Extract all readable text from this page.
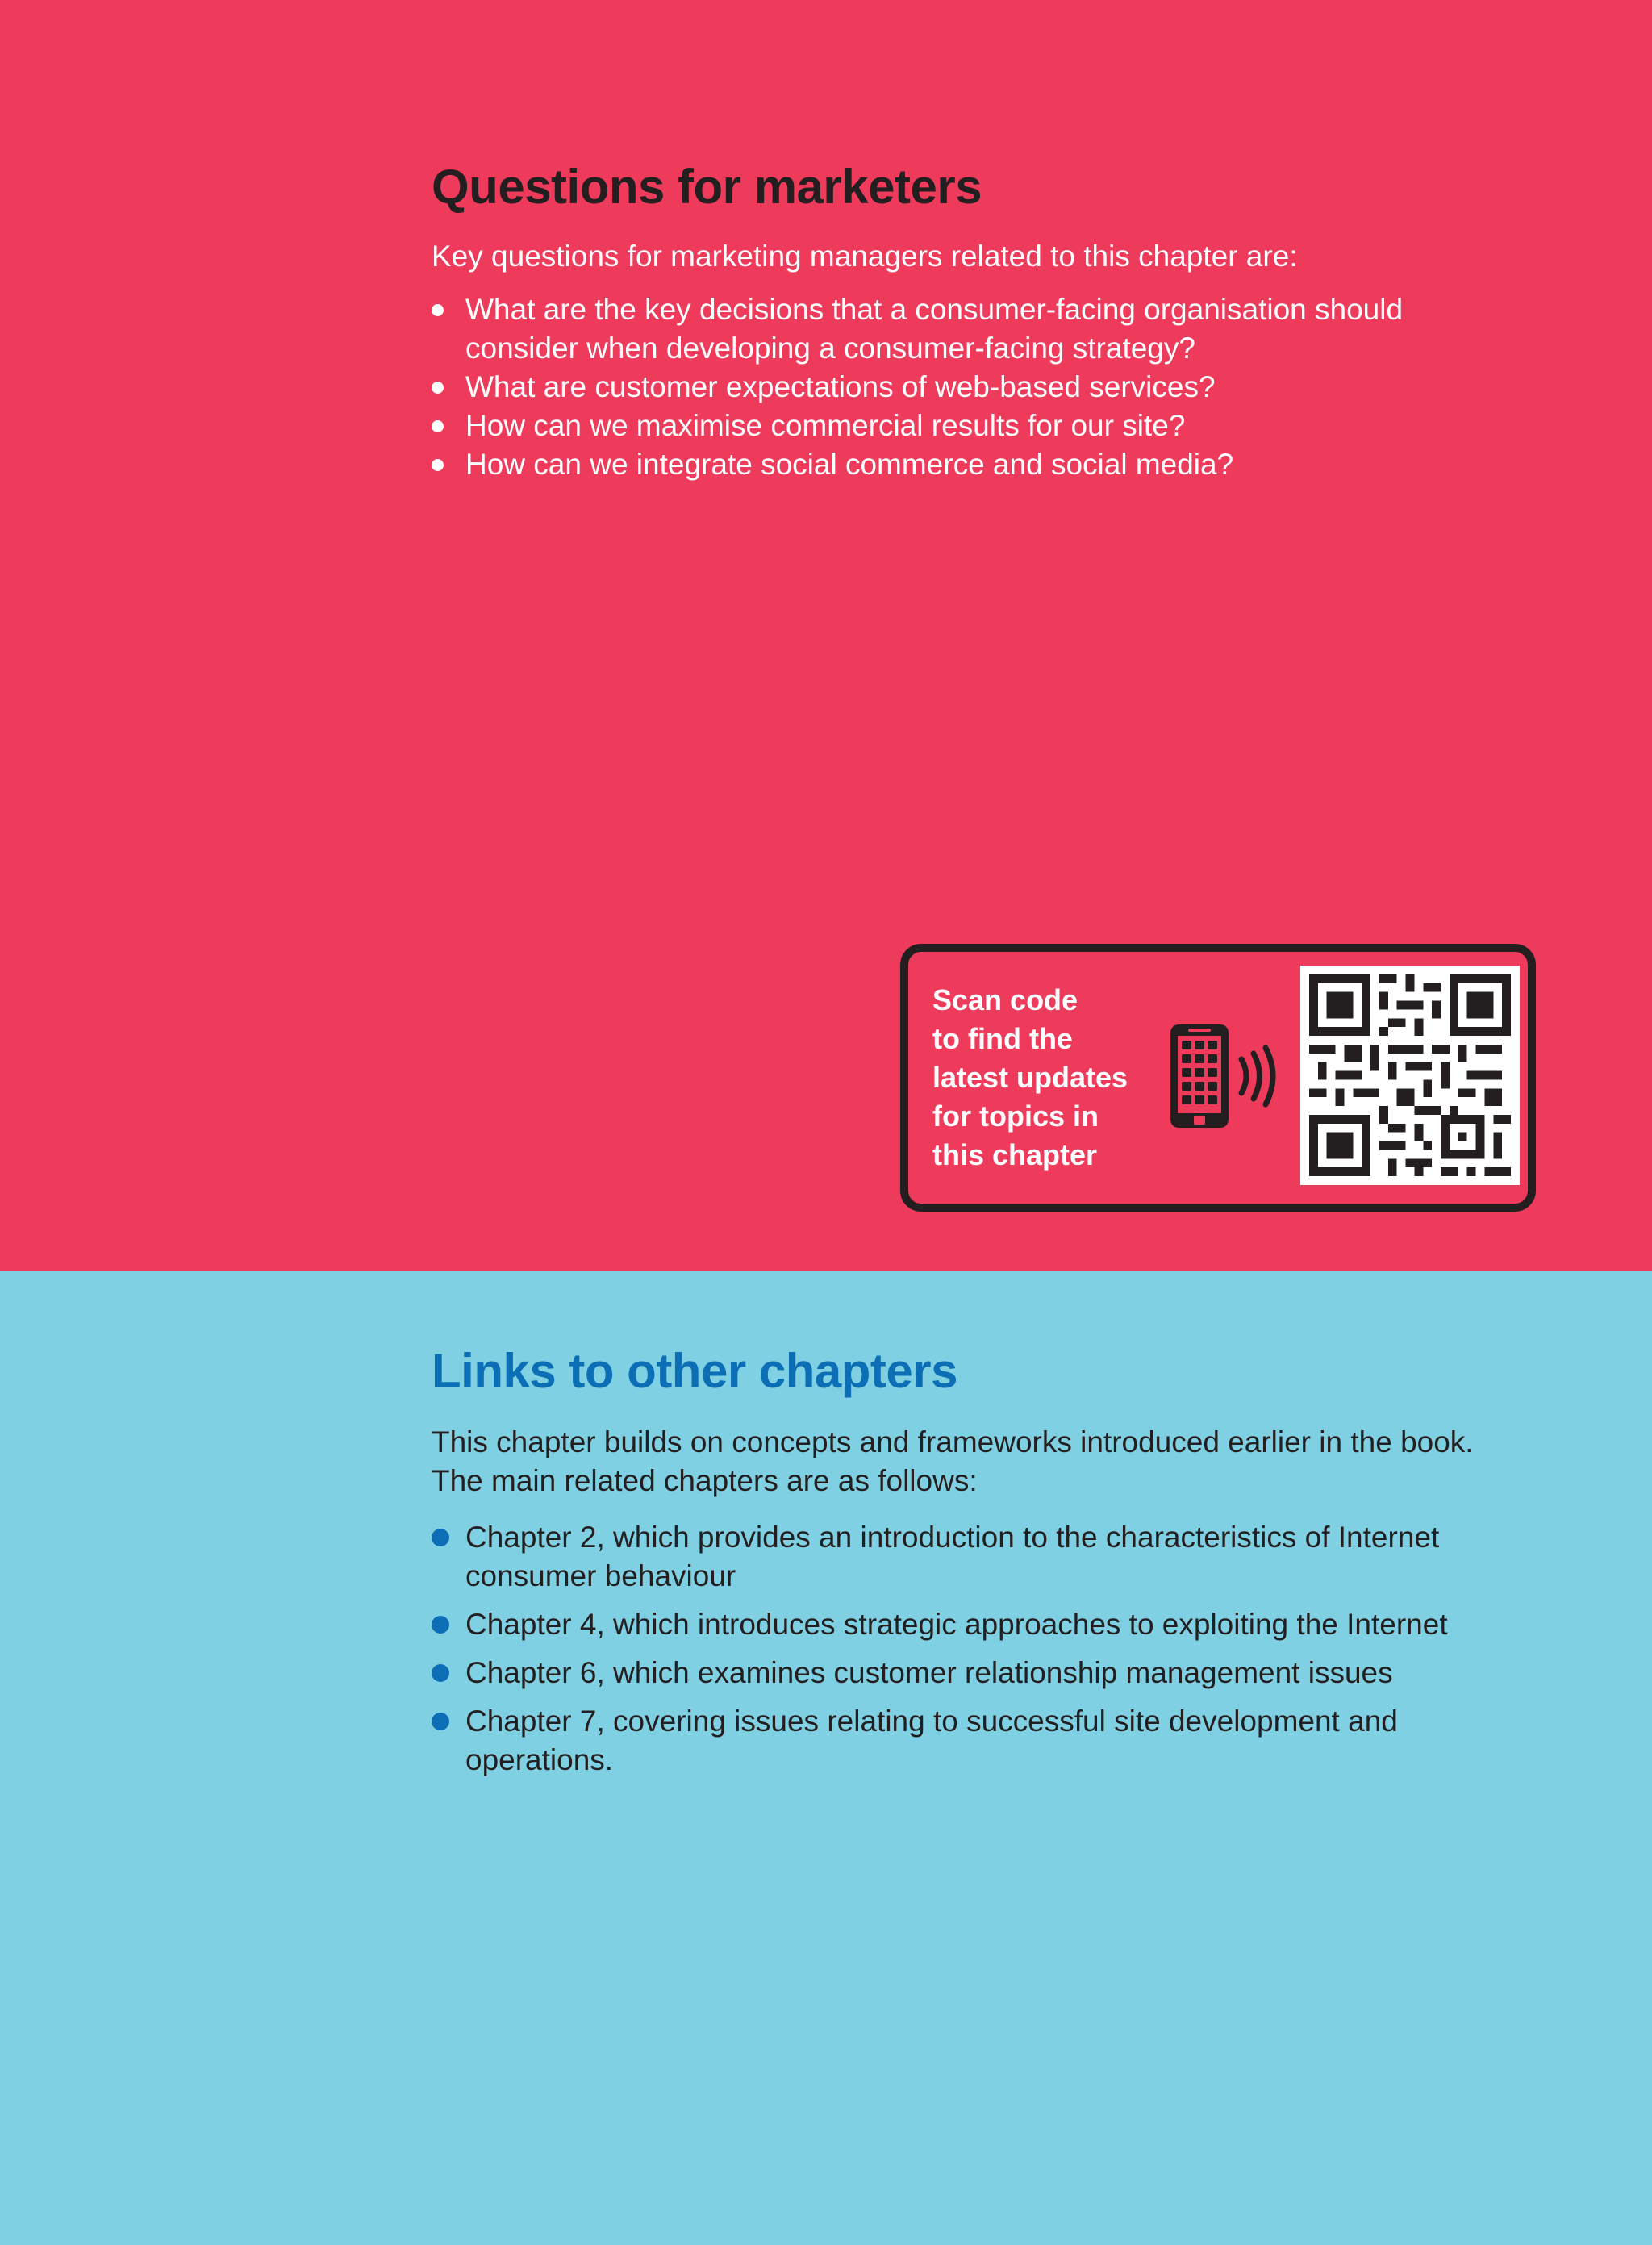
Questions for marketers

Key questions for marketing managers related to this chapter are:

What are the key decisions that a consumer-facing organisation should consider when developing a consumer-facing strategy?
What are customer expectations of web-based services?
How can we maximise commercial results for our site?
How can we integrate social commerce and social media?
Scan code
to find the
latest updates
for topics in
this chapter
Links to other chapters

This chapter builds on concepts and frameworks introduced earlier in the book. The main related chapters are as follows:

Chapter 2, which provides an introduction to the characteristics of Internet consumer behaviour
Chapter 4, which introduces strategic approaches to exploiting the Internet
Chapter 6, which examines customer relationship management issues
Chapter 7, covering issues relating to successful site development and operations.
